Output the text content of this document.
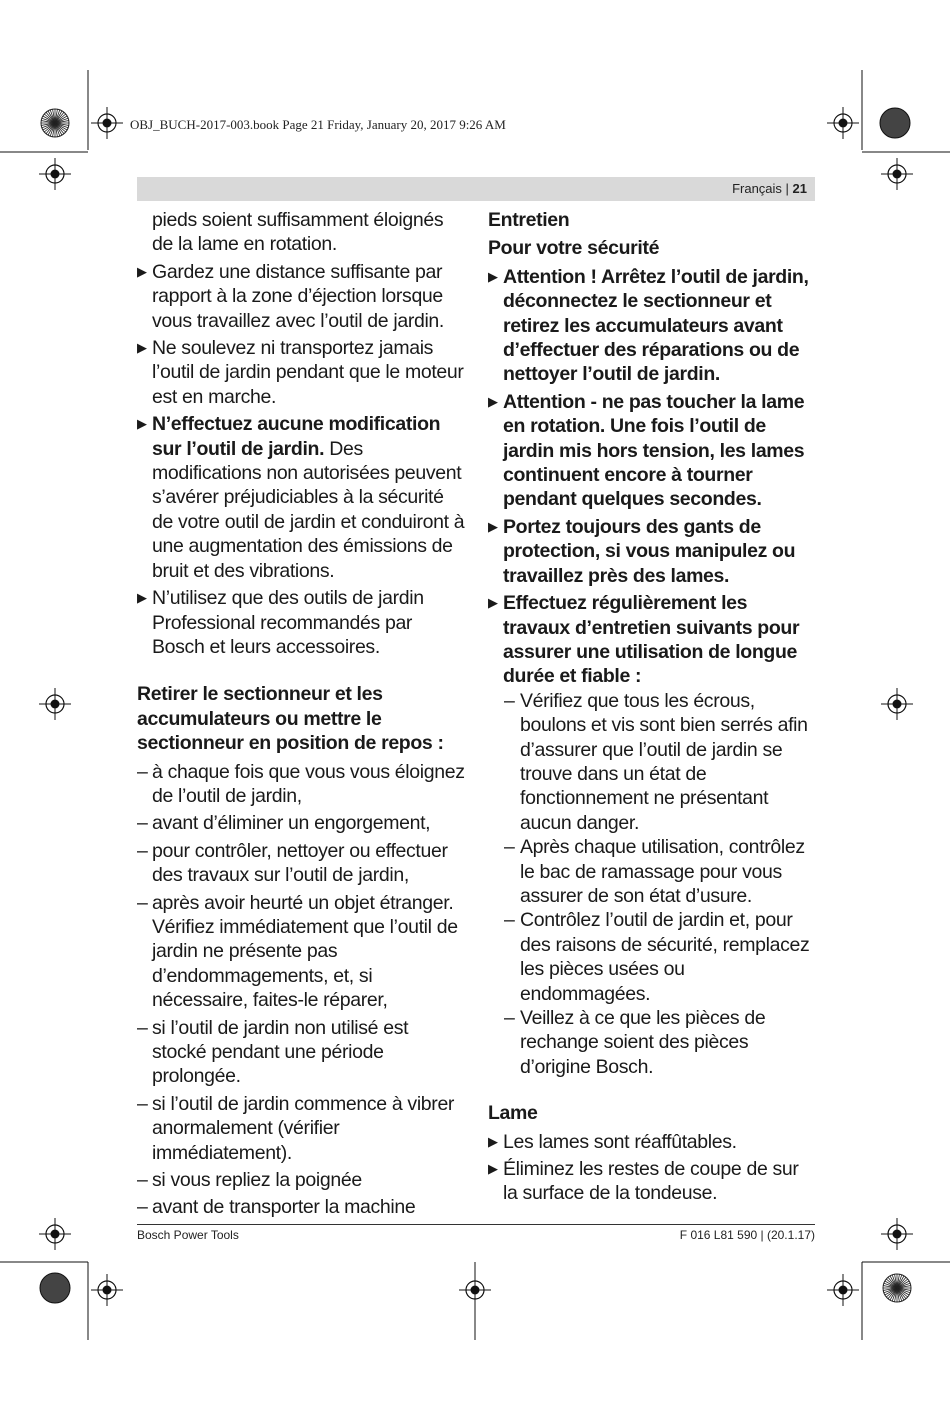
OBJ_BUCH-2017-003.book Page 21 Friday, January 20, 2017 9:26 AM
Français | 21

pieds soient suffisamment éloignés de la lame en rotation.

▶ Gardez une distance suffisante par rapport à la zone d’éjection lorsque vous travaillez avec l’outil de jardin.

▶ Ne soulevez ni transportez jamais l’outil de jardin pendant que le moteur est en marche.

▶ N’effectuez aucune modification sur l’outil de jardin. Des modifications non autorisées peuvent s’avérer préjudiciables à la sécurité de votre outil de jardin et conduiront à une augmentation des émissions de bruit et des vibrations.

▶ N’utilisez que des outils de jardin Professional recommandés par Bosch et leurs accessoires.

Retirer le sectionneur et les accumulateurs ou mettre le sectionneur en position de repos :

– à chaque fois que vous vous éloignez de l’outil de jardin,

– avant d’éliminer un engorgement,

– pour contrôler, nettoyer ou effectuer des travaux sur l’outil de jardin,

– après avoir heurté un objet étranger. Vérifiez immédiatement que l’outil de jardin ne présente pas d’endommagements, et, si nécessaire, faites-le réparer,

– si l’outil de jardin non utilisé est stocké pendant une période prolongée.

– si l’outil de jardin commence à vibrer anormalement (vérifier immédiatement).

– si vous repliez la poignée

– avant de transporter la machine

Entretien

Pour votre sécurité

▶ Attention ! Arrêtez l’outil de jardin, déconnectez le sectionneur et retirez les accumulateurs avant d’effectuer des réparations ou de nettoyer l’outil de jardin.

▶ Attention - ne pas toucher la lame en rotation. Une fois l’outil de jardin mis hors tension, les lames continuent encore à tourner pendant quelques secondes.

▶ Portez toujours des gants de protection, si vous manipulez ou travaillez près des lames.

▶ Effectuez régulièrement les travaux d’entretien suivants pour assurer une utilisation de longue durée et fiable :

– Vérifiez que tous les écrous, boulons et vis sont bien serrés afin d’assurer que l’outil de jardin se trouve dans un état de fonctionnement ne présentant aucun danger.

– Après chaque utilisation, contrôlez le bac de ramassage pour vous assurer de son état d’usure.

– Contrôlez l’outil de jardin et, pour des raisons de sécurité, remplacez les pièces usées ou endommagées.

– Veillez à ce que les pièces de rechange soient des pièces d’origine Bosch.

Lame

▶ Les lames sont réaffûtables.

▶ Éliminez les restes de coupe de sur la surface de la tondeuse.

Bosch Power Tools	F 016 L81 590 | (20.1.17)
